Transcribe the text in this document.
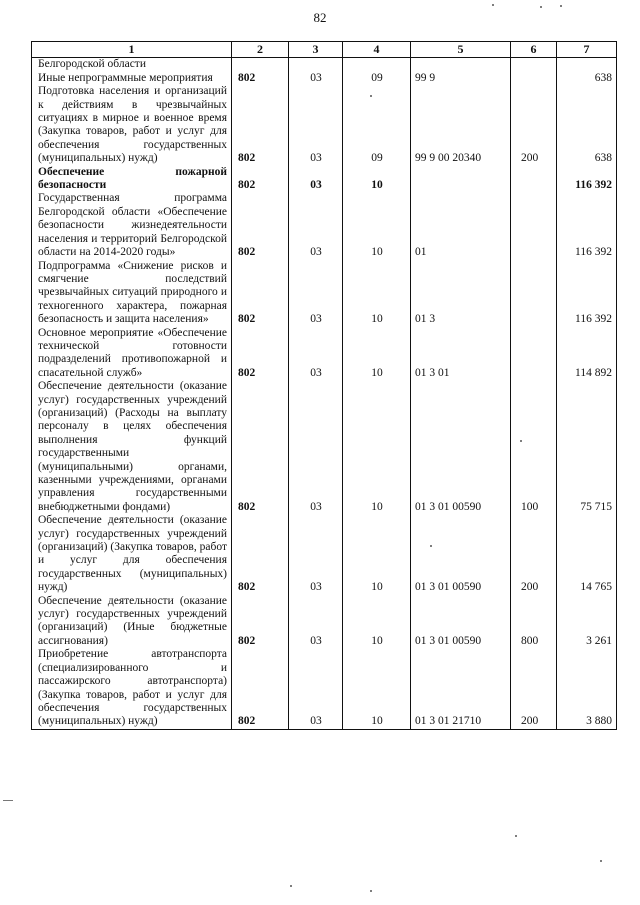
82
1	2	3	4	5	6	7
Белгородской области						
Иные непрограммные мероприятия	802	03	09	99 9		638
Подготовка населения и организаций к действиям в чрезвычайных ситуациях в мирное и военное время (Закупка товаров, работ и услуг для обеспечения государственных (муниципальных) нужд)	802	03	09	99 9 00 20340	200	638
Обеспечение пожарной безопасности	802	03	10			116 392
Государственная программа Белгородской области «Обеспечение безопасности жизнедеятельности населения и территорий Белгородской области на 2014-2020 годы»	802	03	10	01		116 392
Подпрограмма «Снижение рисков и смягчение последствий чрезвычайных ситуаций природного и техногенного характера, пожарная безопасность и защита населения»	802	03	10	01 3		116 392
Основное мероприятие «Обеспечение технической готовности подразделений противопожарной и спасательной служб»	802	03	10	01 3 01		114 892
Обеспечение деятельности (оказание услуг) государственных учреждений (организаций) (Расходы на выплату персоналу в целях обеспечения выполнения функций государственными (муниципальными) органами, казенными учреждениями, органами управления государственными внебюджетными фондами)	802	03	10	01 3 01 00590	100	75 715
Обеспечение деятельности (оказание услуг) государственных учреждений (организаций) (Закупка товаров, работ и услуг для обеспечения государственных (муниципальных) нужд)	802	03	10	01 3 01 00590	200	14 765
Обеспечение деятельности (оказание услуг) государственных учреждений (организаций) (Иные бюджетные ассигнования)	802	03	10	01 3 01 00590	800	3 261
Приобретение автотранспорта (специализированного и пассажирского автотранспорта) (Закупка товаров, работ и услуг для обеспечения государственных (муниципальных) нужд)	802	03	10	01 3 01 21710	200	3 880
